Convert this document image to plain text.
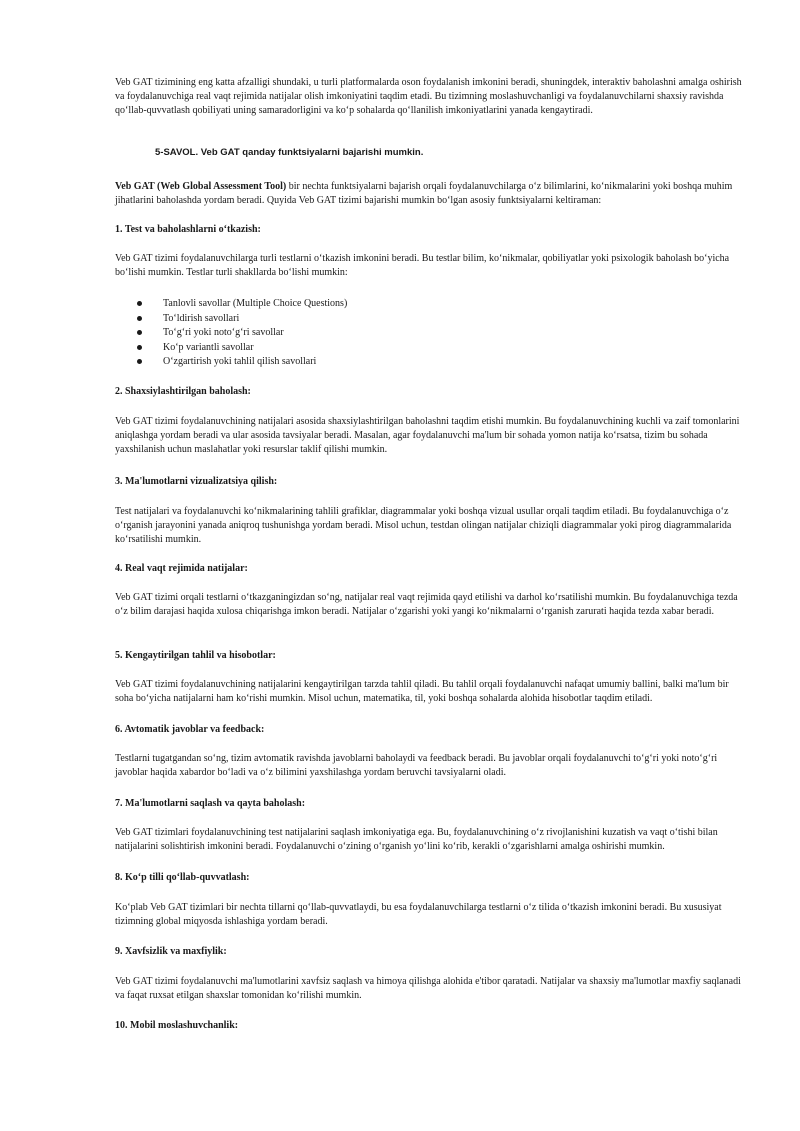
Veb GAT tizimining eng katta afzalligi shundaki, u turli platformalarda oson foydalanish imkonini beradi, shuningdek, interaktiv baholashni amalga oshirish va foydalanuvchiga real vaqt rejimida natijalar olish imkoniyatini taqdim etadi. Bu tizimning moslashuvchanligi va foydalanuvchilarni shaxsiy ravishda qo‘llab-quvvatlash qobiliyati uning samaradorligini va ko‘p sohalarda qo‘llanilish imkoniyatlarini yanada kengaytiradi.

5-SAVOL. Veb GAT qanday funktsiyalarni bajarishi mumkin.

Veb GAT (Web Global Assessment Tool) bir nechta funktsiyalarni bajarish orqali foydalanuvchilarga o‘z bilimlarini, ko‘nikmalarini yoki boshqa muhim jihatlarini baholashda yordam beradi. Quyida Veb GAT tizimi bajarishi mumkin bo‘lgan asosiy funktsiyalarni keltiraman:

1. Test va baholashlarni o‘tkazish:

Veb GAT tizimi foydalanuvchilarga turli testlarni o‘tkazish imkonini beradi. Bu testlar bilim, ko‘nikmalar, qobiliyatlar yoki psixologik baholash bo‘yicha bo‘lishi mumkin. Testlar turli shakllarda bo‘lishi mumkin:

Tanlovli savollar (Multiple Choice Questions)
To‘ldirish savollari
To‘g‘ri yoki noto‘g‘ri savollar
Ko‘p variantli savollar
O‘zgartirish yoki tahlil qilish savollari

2. Shaxsiylashtirilgan baholash:

Veb GAT tizimi foydalanuvchining natijalari asosida shaxsiylashtirilgan baholashni taqdim etishi mumkin. Bu foydalanuvchining kuchli va zaif tomonlarini aniqlashga yordam beradi va ular asosida tavsiyalar beradi. Masalan, agar foydalanuvchi ma'lum bir sohada yomon natija ko‘rsatsa, tizim bu sohada yaxshilanish uchun maslahatlar yoki resurslar taklif qilishi mumkin.

3. Ma'lumotlarni vizualizatsiya qilish:

Test natijalari va foydalanuvchi ko‘nikmalarining tahlili grafiklar, diagrammalar yoki boshqa vizual usullar orqali taqdim etiladi. Bu foydalanuvchiga o‘z o‘rganish jarayonini yanada aniqroq tushunishga yordam beradi. Misol uchun, testdan olingan natijalar chiziqli diagrammalar yoki pirog diagrammalarida ko‘rsatilishi mumkin.

4. Real vaqt rejimida natijalar:

Veb GAT tizimi orqali testlarni o‘tkazganingizdan so‘ng, natijalar real vaqt rejimida qayd etilishi va darhol ko‘rsatilishi mumkin. Bu foydalanuvchiga tezda o‘z bilim darajasi haqida xulosa chiqarishga imkon beradi. Natijalar o‘zgarishi yoki yangi ko‘nikmalarni o‘rganish zarurati haqida tezda xabar beradi.

5. Kengaytirilgan tahlil va hisobotlar:

Veb GAT tizimi foydalanuvchining natijalarini kengaytirilgan tarzda tahlil qiladi. Bu tahlil orqali foydalanuvchi nafaqat umumiy ballini, balki ma'lum bir soha bo‘yicha natijalarni ham ko‘rishi mumkin. Misol uchun, matematika, til, yoki boshqa sohalarda alohida hisobotlar taqdim etiladi.

6. Avtomatik javoblar va feedback:

Testlarni tugatgandan so‘ng, tizim avtomatik ravishda javoblarni baholaydi va feedback beradi. Bu javoblar orqali foydalanuvchi to‘g‘ri yoki noto‘g‘ri javoblar haqida xabardor bo‘ladi va o‘z bilimini yaxshilashga yordam beruvchi tavsiyalarni oladi.

7. Ma'lumotlarni saqlash va qayta baholash:

Veb GAT tizimlari foydalanuvchining test natijalarini saqlash imkoniyatiga ega. Bu, foydalanuvchining o‘z rivojlanishini kuzatish va vaqt o‘tishi bilan natijalarini solishtirish imkonini beradi. Foydalanuvchi o‘zining o‘rganish yo‘lini ko‘rib, kerakli o‘zgarishlarni amalga oshirishi mumkin.

8. Ko‘p tilli qo‘llab-quvvatlash:

Ko‘plab Veb GAT tizimlari bir nechta tillarni qo‘llab-quvvatlaydi, bu esa foydalanuvchilarga testlarni o‘z tilida o‘tkazish imkonini beradi. Bu xususiyat tizimning global miqyosda ishlashiga yordam beradi.

9. Xavfsizlik va maxfiylik:

Veb GAT tizimi foydalanuvchi ma'lumotlarini xavfsiz saqlash va himoya qilishga alohida e'tibor qaratadi. Natijalar va shaxsiy ma'lumotlar maxfiy saqlanadi va faqat ruxsat etilgan shaxslar tomonidan ko‘rilishi mumkin.

10. Mobil moslashuvchanlik:
